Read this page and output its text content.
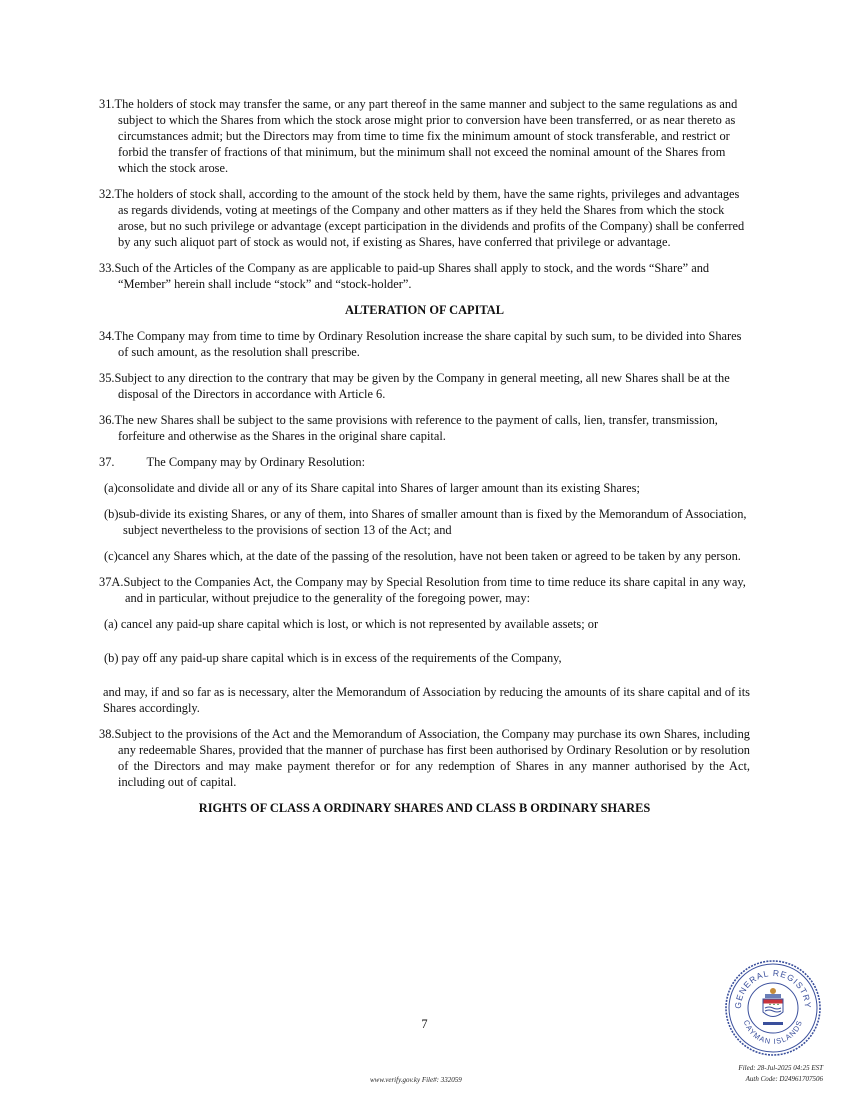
31.The holders of stock may transfer the same, or any part thereof in the same manner and subject to the same regulations as and subject to which the Shares from which the stock arose might prior to conversion have been transferred, or as near thereto as circumstances admit; but the Directors may from time to time fix the minimum amount of stock transferable, and restrict or forbid the transfer of fractions of that minimum, but the minimum shall not exceed the nominal amount of the Shares from which the stock arose.

32.The holders of stock shall, according to the amount of the stock held by them, have the same rights, privileges and advantages as regards dividends, voting at meetings of the Company and other matters as if they held the Shares from which the stock arose, but no such privilege or advantage (except participation in the dividends and profits of the Company) shall be conferred by any such aliquot part of stock as would not, if existing as Shares, have conferred that privilege or advantage.

33.Such of the Articles of the Company as are applicable to paid-up Shares shall apply to stock, and the words “Share” and “Member” herein shall include “stock” and “stock-holder”.

ALTERATION OF CAPITAL

34.The Company may from time to time by Ordinary Resolution increase the share capital by such sum, to be divided into Shares of such amount, as the resolution shall prescribe.

35.Subject to any direction to the contrary that may be given by the Company in general meeting, all new Shares shall be at the disposal of the Directors in accordance with Article 6.

36.The new Shares shall be subject to the same provisions with reference to the payment of calls, lien, transfer, transmission, forfeiture and otherwise as the Shares in the original share capital.

37.	The Company may by Ordinary Resolution:

(a)consolidate and divide all or any of its Share capital into Shares of larger amount than its existing Shares;

(b)sub-divide its existing Shares, or any of them, into Shares of smaller amount than is fixed by the Memorandum of Association, subject nevertheless to the provisions of section 13 of the Act; and

(c)cancel any Shares which, at the date of the passing of the resolution, have not been taken or agreed to be taken by any person.

37A.Subject to the Companies Act, the Company may by Special Resolution from time to time reduce its share capital in any way, and in particular, without prejudice to the generality of the foregoing power, may:

(a) cancel any paid-up share capital which is lost, or which is not represented by available assets; or

(b) pay off any paid-up share capital which is in excess of the requirements of the Company,

and may, if and so far as is necessary, alter the Memorandum of Association by reducing the amounts of its share capital and of its Shares accordingly.

38.Subject to the provisions of the Act and the Memorandum of Association, the Company may purchase its own Shares, including any redeemable Shares, provided that the manner of purchase has first been authorised by Ordinary Resolution or by resolution of the Directors and may make payment therefor or for any redemption of Shares in any manner authorised by the Act, including out of capital.

RIGHTS OF CLASS A ORDINARY SHARES AND CLASS B ORDINARY SHARES

7
GENERAL REGISTRY
CAYMAN ISLANDS
www.verify.gov.ky File#: 332059
Filed: 28-Jul-2025 04:25 EST
Auth Code: D24961707506
